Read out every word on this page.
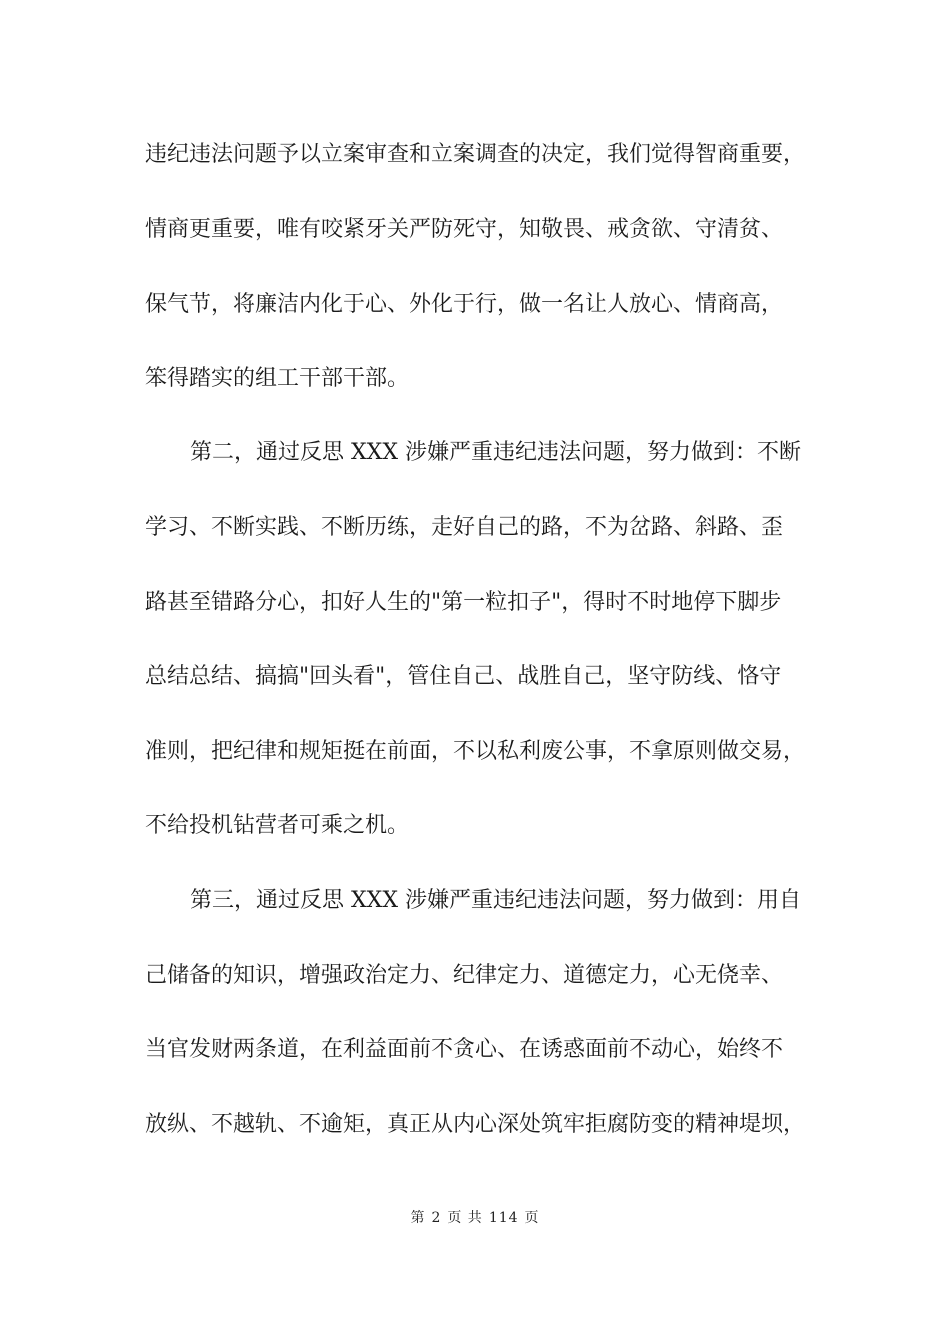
违纪违法问题予以立案审查和立案调查的决定，我们觉得智商重要，
情商更重要，唯有咬紧牙关严防死守，知敬畏、戒贪欲、守清贫、
保气节，将廉洁内化于心、外化于行，做一名让人放心、情商高，
笨得踏实的组工干部干部。
第二，通过反思 XXX 涉嫌严重违纪违法问题，努力做到：不断
学习、不断实践、不断历练，走好自己的路，不为岔路、斜路、歪
路甚至错路分心，扣好人生的"第一粒扣子"，得时不时地停下脚步
总结总结、搞搞"回头看"，管住自己、战胜自己，坚守防线、恪守
准则，把纪律和规矩挺在前面，不以私利废公事，不拿原则做交易，
不给投机钻营者可乘之机。
第三，通过反思 XXX 涉嫌严重违纪违法问题，努力做到：用自
己储备的知识，增强政治定力、纪律定力、道德定力，心无侥幸、
当官发财两条道，在利益面前不贪心、在诱惑面前不动心，始终不
放纵、不越轨、不逾矩，真正从内心深处筑牢拒腐防变的精神堤坝，
第 2 页 共 114 页
